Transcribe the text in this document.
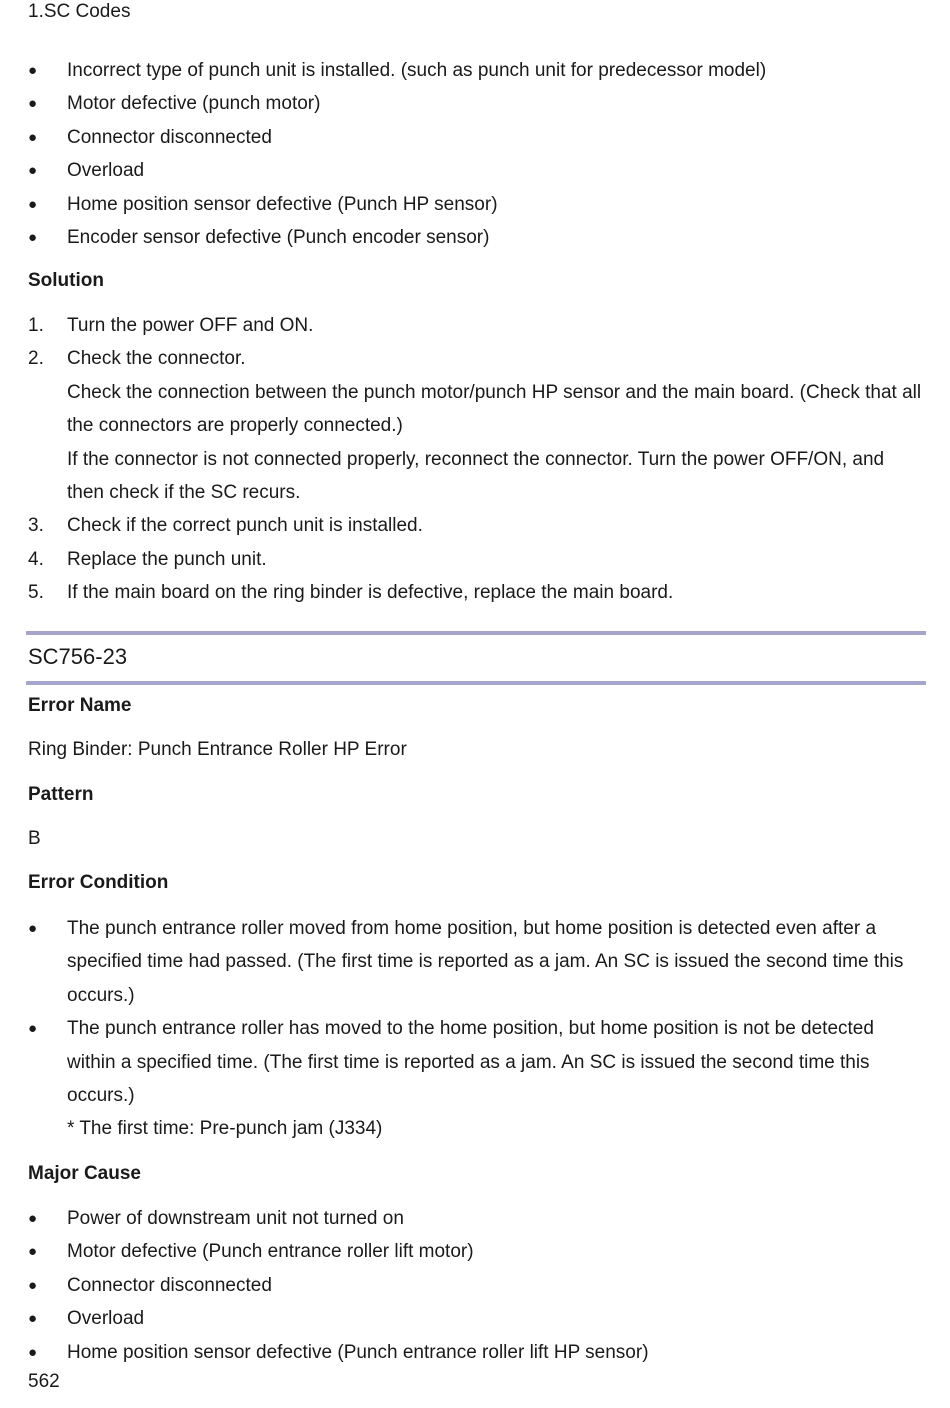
1.SC Codes
● Incorrect type of punch unit is installed. (such as punch unit for predecessor model)
● Motor defective (punch motor)
● Connector disconnected
● Overload
● Home position sensor defective (Punch HP sensor)
● Encoder sensor defective (Punch encoder sensor)
Solution
1. Turn the power OFF and ON.
2. Check the connector.
Check the connection between the punch motor/punch HP sensor and the main board. (Check that all the connectors are properly connected.)
If the connector is not connected properly, reconnect the connector. Turn the power OFF/ON, and then check if the SC recurs.
3. Check if the correct punch unit is installed.
4. Replace the punch unit.
5. If the main board on the ring binder is defective, replace the main board.
SC756-23
Error Name
Ring Binder: Punch Entrance Roller HP Error
Pattern
B
Error Condition
● The punch entrance roller moved from home position, but home position is detected even after a specified time had passed. (The first time is reported as a jam. An SC is issued the second time this occurs.)
● The punch entrance roller has moved to the home position, but home position is not be detected within a specified time. (The first time is reported as a jam. An SC is issued the second time this occurs.)
* The first time: Pre-punch jam (J334)
Major Cause
● Power of downstream unit not turned on
● Motor defective (Punch entrance roller lift motor)
● Connector disconnected
● Overload
● Home position sensor defective (Punch entrance roller lift HP sensor)
562
